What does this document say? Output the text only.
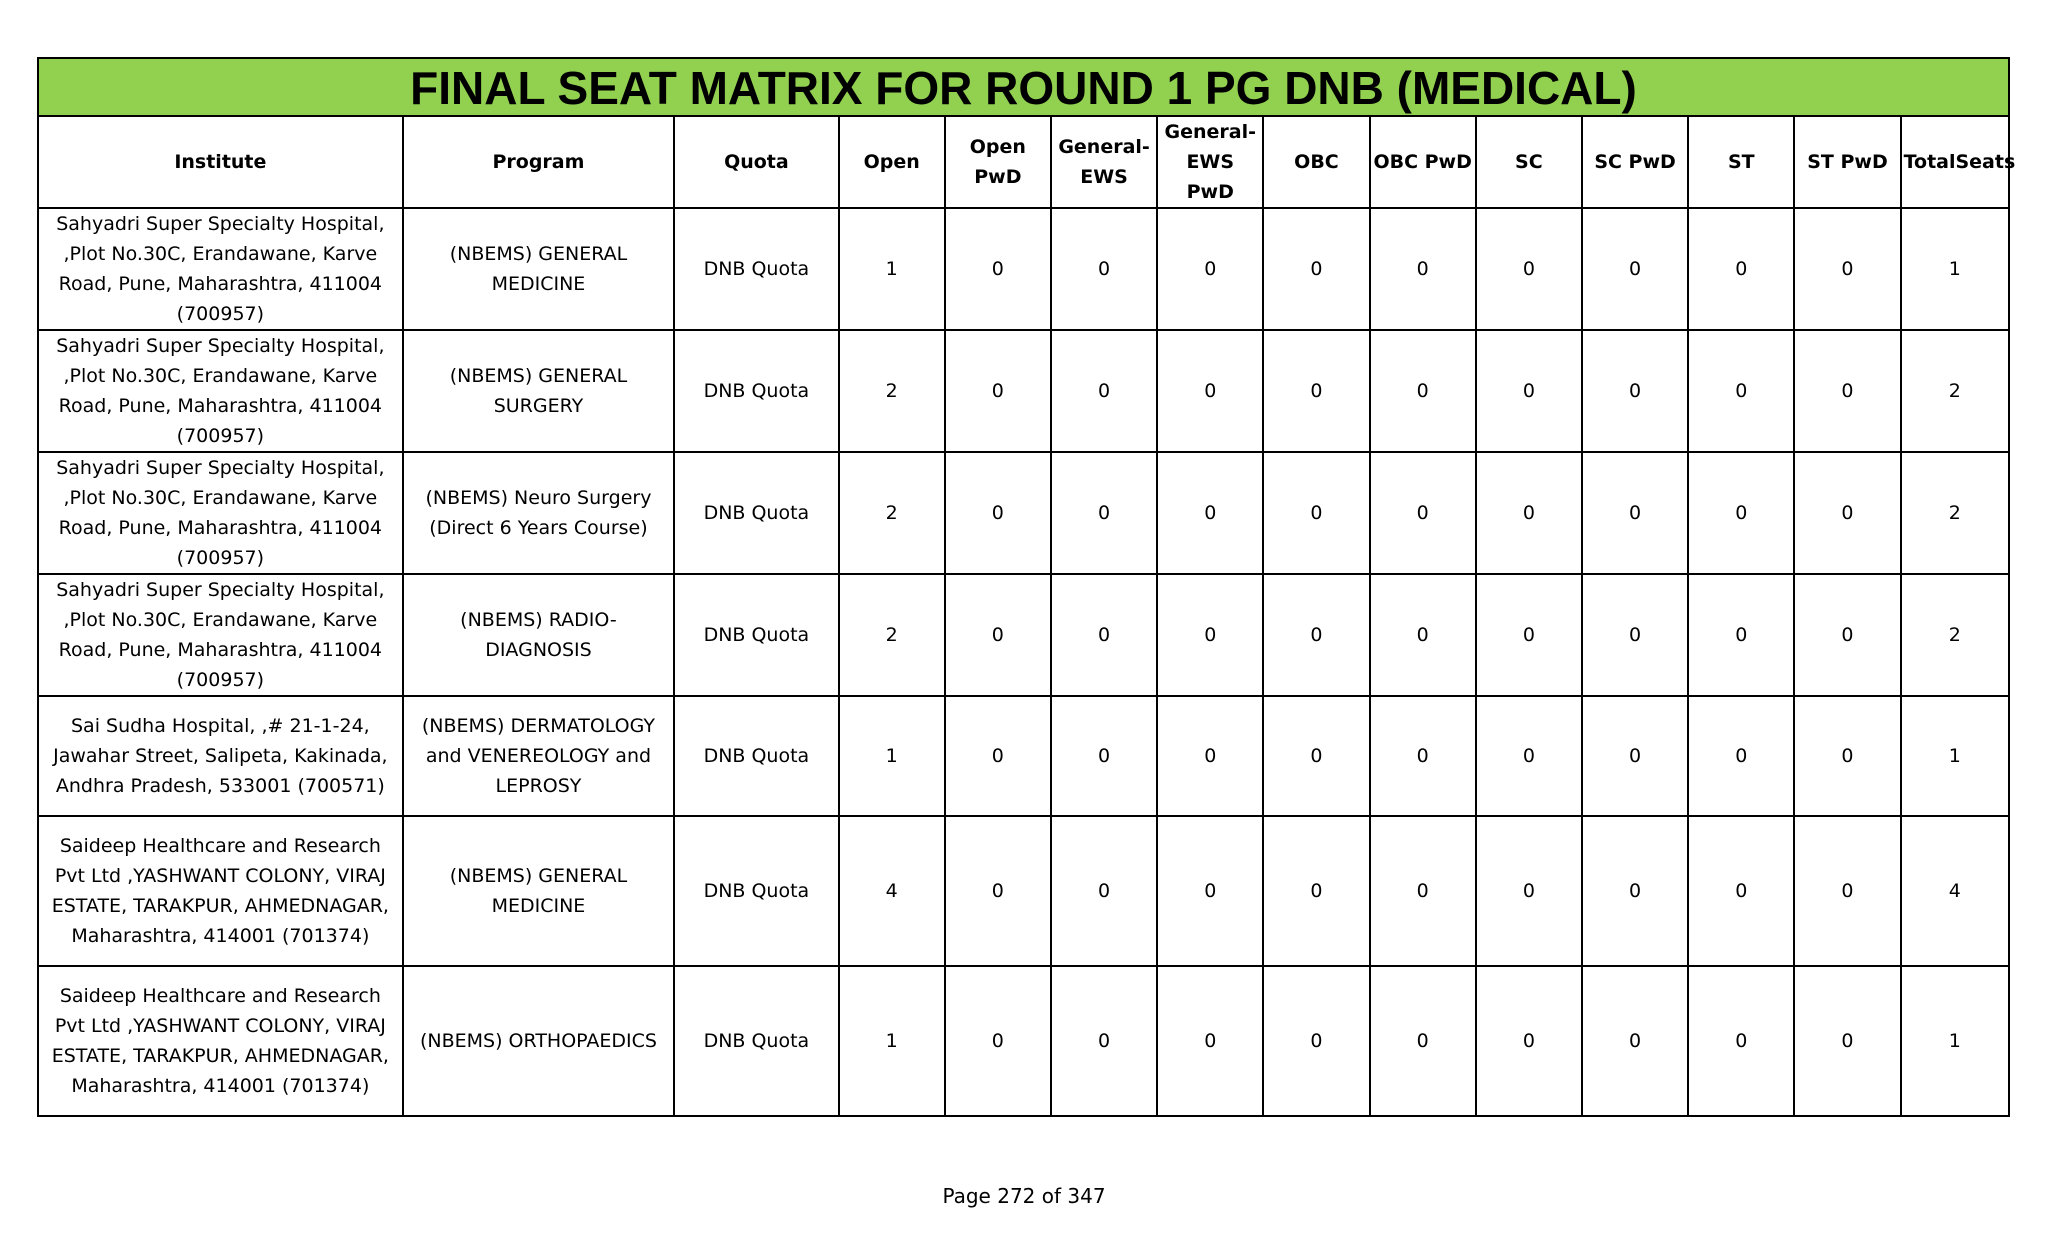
FINAL SEAT MATRIX FOR ROUND 1 PG DNB (MEDICAL)													
Institute	Program	Quota	Open	Open PwD	General-EWS	General-EWS PwD	OBC	OBC PwD	SC	SC PwD	ST	ST PwD	TotalSeats
Sahyadri Super Specialty Hospital, ,Plot No.30C, Erandawane, Karve Road, Pune, Maharashtra, 411004 (700957)	(NBEMS) GENERAL MEDICINE	DNB Quota	1	0	0	0	0	0	0	0	0	0	1
Sahyadri Super Specialty Hospital, ,Plot No.30C, Erandawane, Karve Road, Pune, Maharashtra, 411004 (700957)	(NBEMS) GENERAL SURGERY	DNB Quota	2	0	0	0	0	0	0	0	0	0	2
Sahyadri Super Specialty Hospital, ,Plot No.30C, Erandawane, Karve Road, Pune, Maharashtra, 411004 (700957)	(NBEMS) Neuro Surgery (Direct 6 Years Course)	DNB Quota	2	0	0	0	0	0	0	0	0	0	2
Sahyadri Super Specialty Hospital, ,Plot No.30C, Erandawane, Karve Road, Pune, Maharashtra, 411004 (700957)	(NBEMS) RADIO-DIAGNOSIS	DNB Quota	2	0	0	0	0	0	0	0	0	0	2
Sai Sudha Hospital, ,# 21-1-24, Jawahar Street, Salipeta, Kakinada, Andhra Pradesh, 533001 (700571)	(NBEMS) DERMATOLOGY and VENEREOLOGY and LEPROSY	DNB Quota	1	0	0	0	0	0	0	0	0	0	1
Saideep Healthcare and Research Pvt Ltd ,YASHWANT COLONY, VIRAJ ESTATE, TARAKPUR, AHMEDNAGAR, Maharashtra, 414001 (701374)	(NBEMS) GENERAL MEDICINE	DNB Quota	4	0	0	0	0	0	0	0	0	0	4
Saideep Healthcare and Research Pvt Ltd ,YASHWANT COLONY, VIRAJ ESTATE, TARAKPUR, AHMEDNAGAR, Maharashtra, 414001 (701374)	(NBEMS) ORTHOPAEDICS	DNB Quota	1	0	0	0	0	0	0	0	0	0	1
Page 272 of 347
